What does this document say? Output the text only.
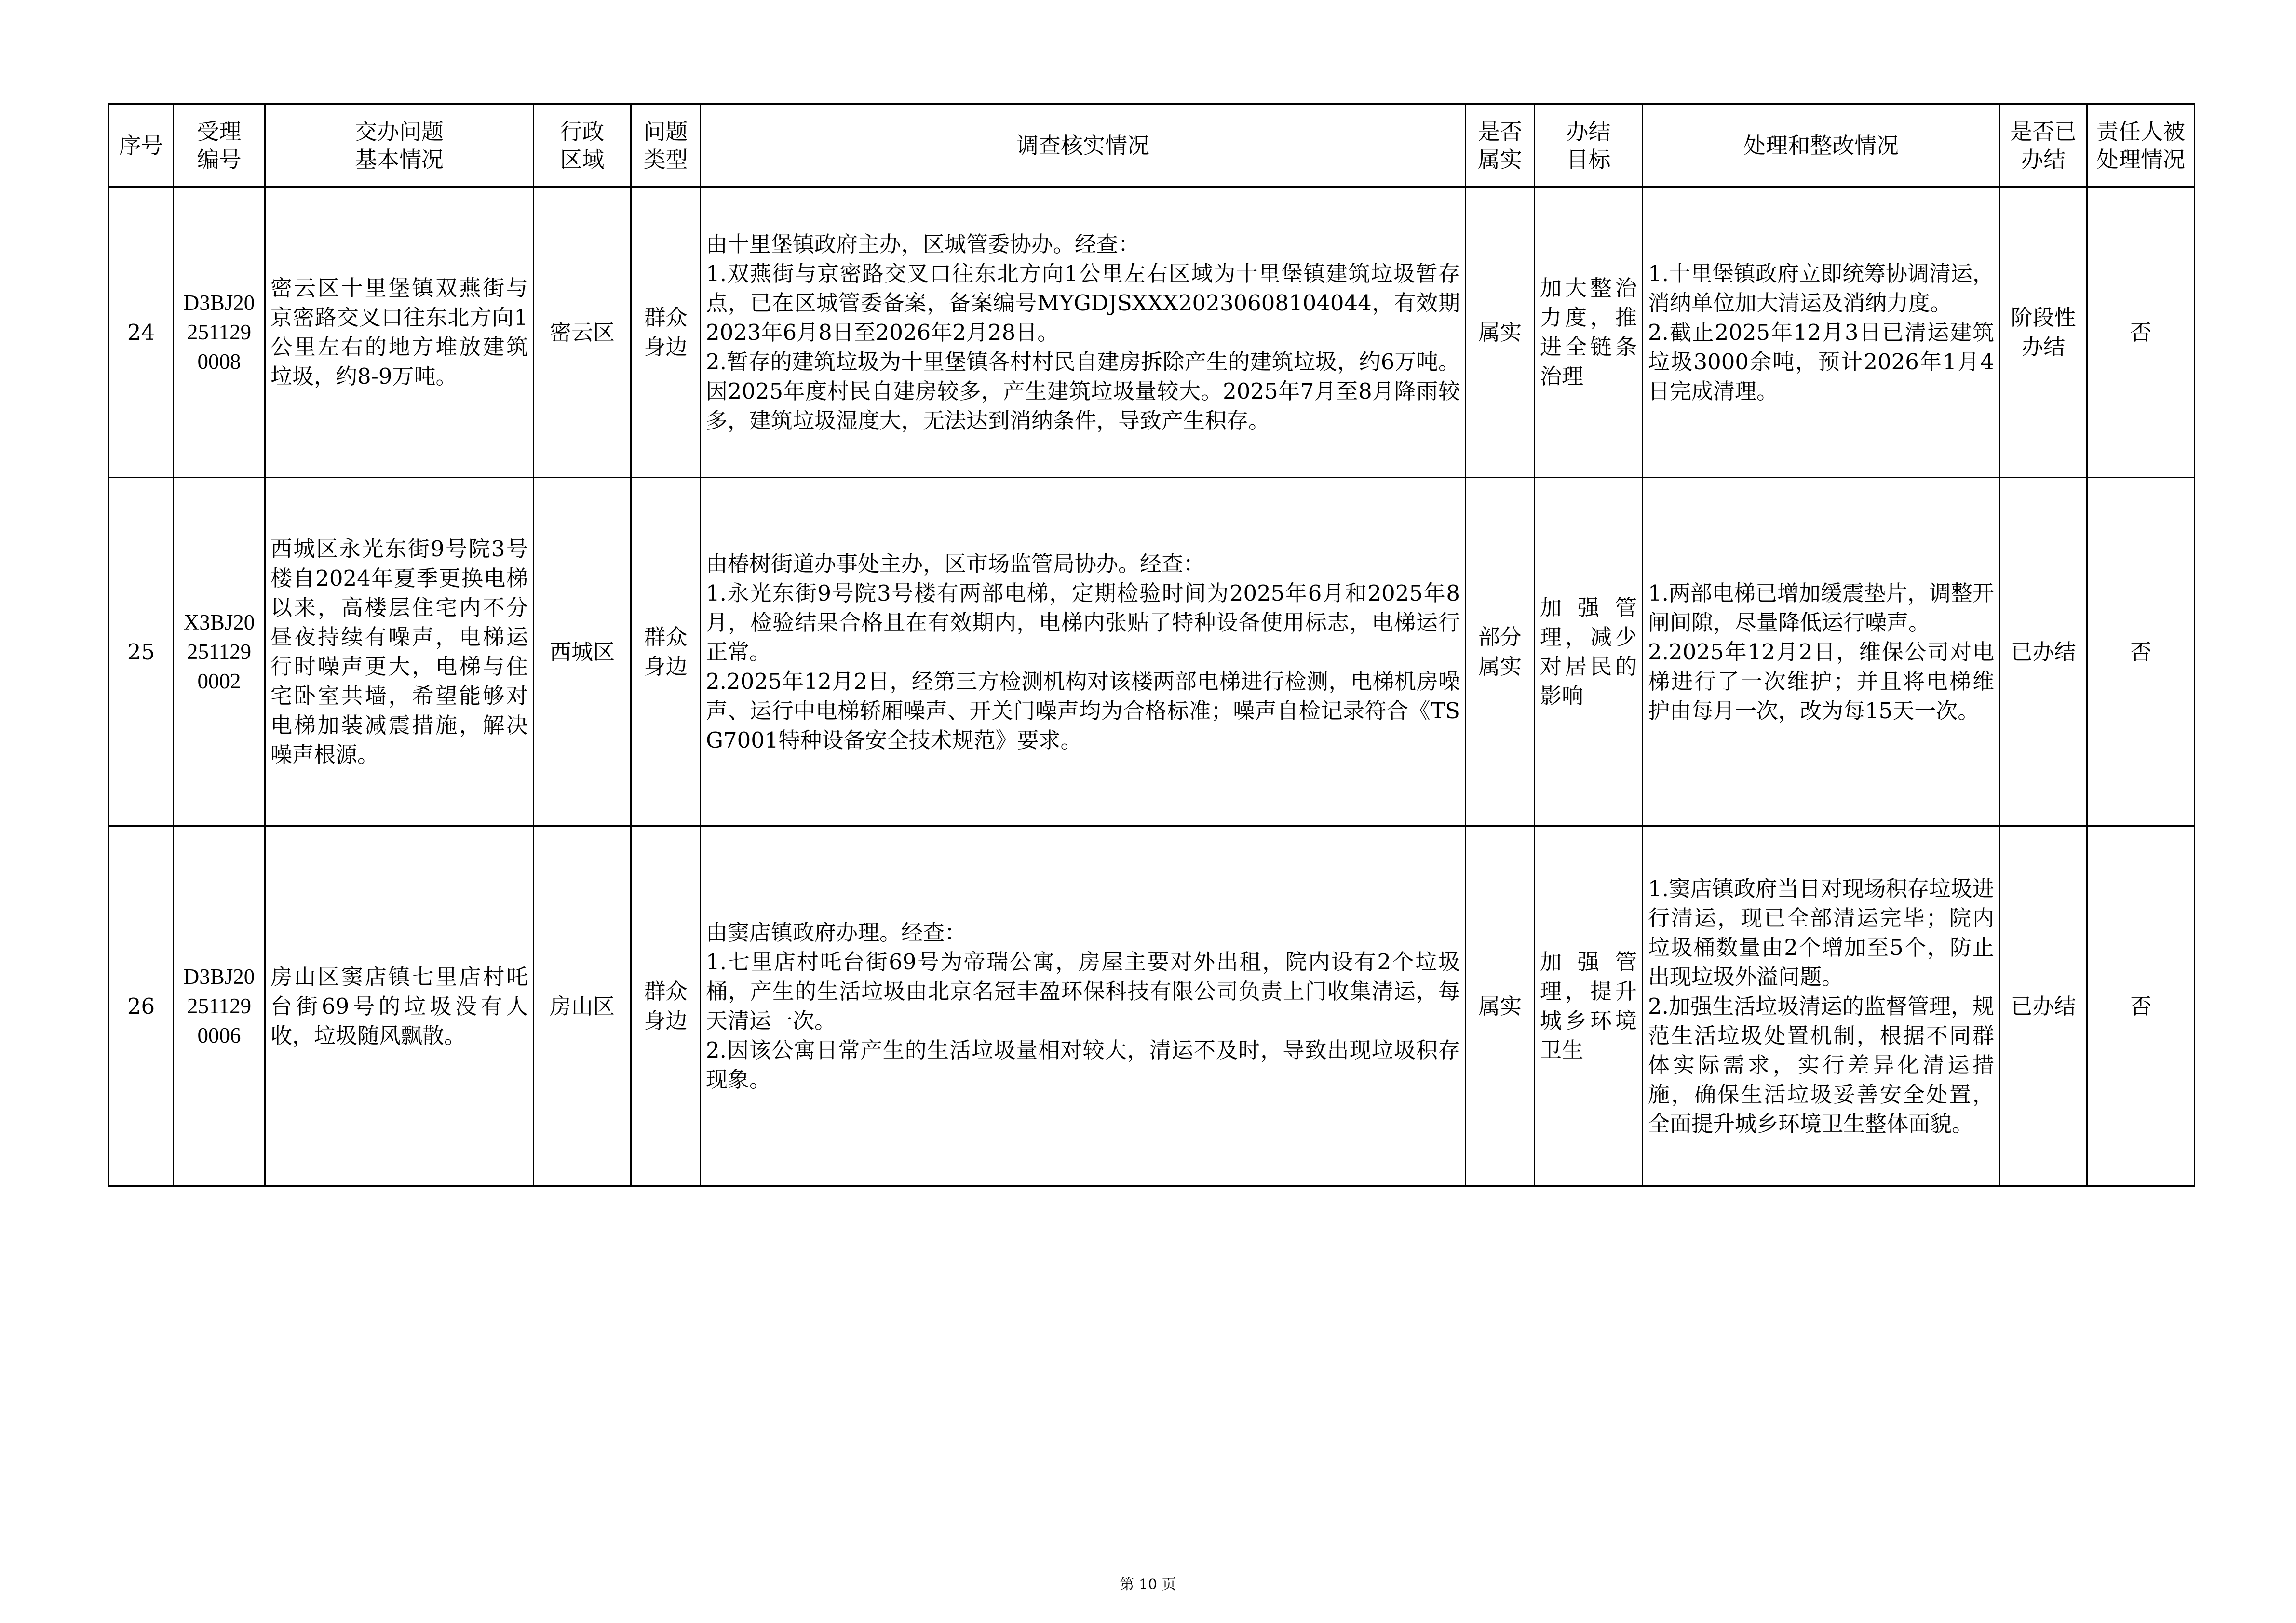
序号	受理编号	交办问题基本情况	行政区域	问题类型	调查核实情况	是否属实	办结目标	处理和整改情况	是否已办结	责任人被处理情况
24	D3BJ20251129 0008	密云区十里堡镇双燕街与京密路交叉口往东北方向1公里左右的地方堆放建筑垃圾，约8-9万吨。	密云区	群众身边	由十里堡镇政府主办，区城管委协办。经查：
1.双燕街与京密路交叉口往东北方向1公里左右区域为十里堡镇建筑垃圾暂存点，已在区城管委备案，备案编号MYGDJSXXX20230608104044，有效期2023年6月8日至2026年2月28日。
2.暂存的建筑垃圾为十里堡镇各村村民自建房拆除产生的建筑垃圾，约6万吨。因2025年度村民自建房较多，产生建筑垃圾量较大。2025年7月至8月降雨较多，建筑垃圾湿度大，无法达到消纳条件，导致产生积存。	属实	加大整治力度，推进全链条治理	1.十里堡镇政府立即统筹协调清运，消纳单位加大清运及消纳力度。
2.截止2025年12月3日已清运建筑垃圾3000余吨，预计2026年1月4日完成清理。	阶段性办结	否
25	X3BJ20251129 0002	西城区永光东街9号院3号楼自2024年夏季更换电梯以来，高楼层住宅内不分昼夜持续有噪声，电梯运行时噪声更大，电梯与住宅卧室共墙，希望能够对电梯加装减震措施，解决噪声根源。	西城区	群众身边	由椿树街道办事处主办，区市场监管局协办。经查：
1.永光东街9号院3号楼有两部电梯，定期检验时间为2025年6月和2025年8月，检验结果合格且在有效期内，电梯内张贴了特种设备使用标志，电梯运行正常。
2.2025年12月2日，经第三方检测机构对该楼两部电梯进行检测，电梯机房噪声、运行中电梯轿厢噪声、开关门噪声均为合格标准；噪声自检记录符合《TSG7001特种设备安全技术规范》要求。	部分属实	加强管理，减少对居民的影响	1.两部电梯已增加缓震垫片，调整开闸间隙，尽量降低运行噪声。
2.2025年12月2日，维保公司对电梯进行了一次维护；并且将电梯维护由每月一次，改为每15天一次。	已办结	否
26	D3BJ20251129 0006	房山区窦店镇七里店村吒台街69号的垃圾没有人收，垃圾随风飘散。	房山区	群众身边	由窦店镇政府办理。经查：
1.七里店村吒台街69号为帝瑞公寓，房屋主要对外出租，院内设有2个垃圾桶，产生的生活垃圾由北京名冠丰盈环保科技有限公司负责上门收集清运，每天清运一次。
2.因该公寓日常产生的生活垃圾量相对较大，清运不及时，导致出现垃圾积存现象。	属实	加强管理，提升城乡环境卫生	1.窦店镇政府当日对现场积存垃圾进行清运，现已全部清运完毕；院内垃圾桶数量由2个增加至5个，防止出现垃圾外溢问题。
2.加强生活垃圾清运的监督管理，规范生活垃圾处置机制，根据不同群体实际需求，实行差异化清运措施，确保生活垃圾妥善安全处置，全面提升城乡环境卫生整体面貌。	已办结	否
第 10 页
